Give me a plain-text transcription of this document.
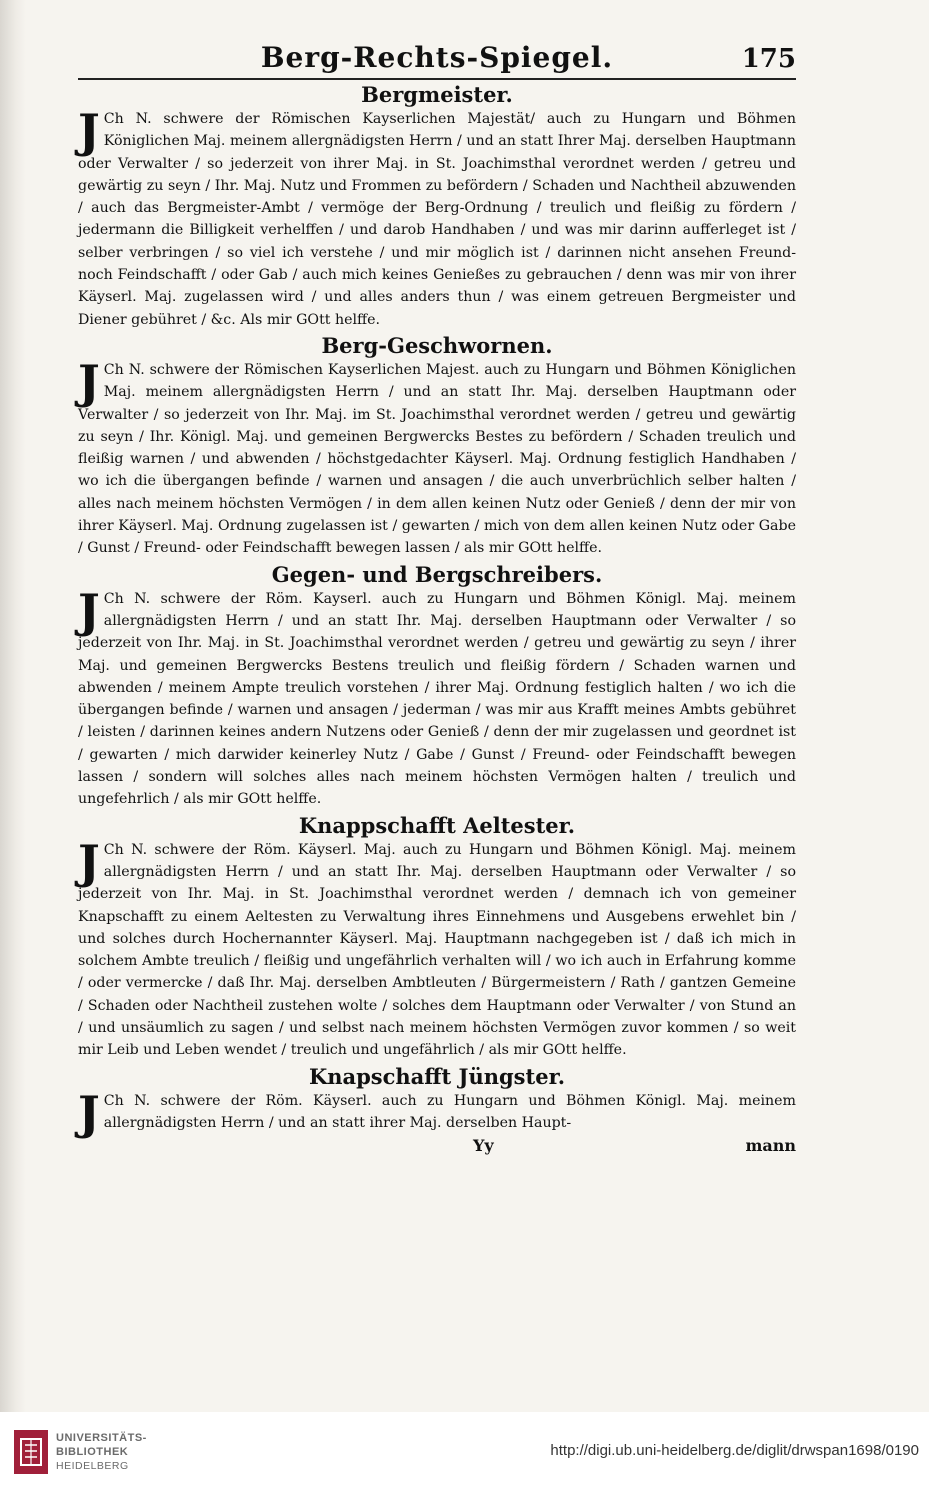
Berg-Rechts-Spiegel.	175
Bergmeister.

J Ch N. schwere der Römischen Kayserlichen Majestät/ auch zu Hungarn und Böhmen Königlichen Maj. meinem allergnädigsten Herrn / und an statt Ihrer Maj. derselben Hauptmann oder Verwalter / so jederzeit von ihrer Maj. in St. Joachimsthal verordnet werden / getreu und gewärtig zu seyn / Ihr. Maj. Nutz und Frommen zu befördern / Schaden und Nachtheil abzuwenden / auch das Bergmeister-Ambt / vermöge der Berg-Ordnung / treulich und fleißig zu fördern / jedermann die Billigkeit verhelffen / und darob Handhaben / und was mir darinn aufferleget ist / selber verbringen / so viel ich verstehe / und mir möglich ist / darinnen nicht ansehen Freund- noch Feindschafft / oder Gab / auch mich keines Genießes zu gebrauchen / denn was mir von ihrer Käyserl. Maj. zugelassen wird / und alles anders thun / was einem getreuen Bergmeister und Diener gebühret / &c. Als mir GOtt helffe.

Berg-Geschwornen.

J Ch N. schwere der Römischen Kayserlichen Majest. auch zu Hungarn und Böhmen Königlichen Maj. meinem allergnädigsten Herrn / und an statt Ihr. Maj. derselben Hauptmann oder Verwalter / so jederzeit von Ihr. Maj. im St. Joachimsthal verordnet werden / getreu und gewärtig zu seyn / Ihr. Königl. Maj. und gemeinen Bergwercks Bestes zu befördern / Schaden treulich und fleißig warnen / und abwenden / höchstgedachter Käyserl. Maj. Ordnung festiglich Handhaben / wo ich die übergangen befinde / warnen und ansagen / die auch unverbrüchlich selber halten / alles nach meinem höchsten Vermögen / in dem allen keinen Nutz oder Genieß / denn der mir von ihrer Käyserl. Maj. Ordnung zugelassen ist / gewarten / mich von dem allen keinen Nutz oder Gabe / Gunst / Freund- oder Feindschafft bewegen lassen / als mir GOtt helffe.

Gegen- und Bergschreibers.

J Ch N. schwere der Röm. Kayserl. auch zu Hungarn und Böhmen Königl. Maj. meinem allergnädigsten Herrn / und an statt Ihr. Maj. derselben Hauptmann oder Verwalter / so jederzeit von Ihr. Maj. in St. Joachimsthal verordnet werden / getreu und gewärtig zu seyn / ihrer Maj. und gemeinen Bergwercks Bestens treulich und fleißig fördern / Schaden warnen und abwenden / meinem Ampte treulich vorstehen / ihrer Maj. Ordnung festiglich halten / wo ich die übergangen befinde / warnen und ansagen / jederman / was mir aus Krafft meines Ambts gebühret / leisten / darinnen keines andern Nutzens oder Genieß / denn der mir zugelassen und geordnet ist / gewarten / mich darwider keinerley Nutz / Gabe / Gunst / Freund- oder Feindschafft bewegen lassen / sondern will solches alles nach meinem höchsten Vermögen halten / treulich und ungefehrlich / als mir GOtt helffe.

Knappschafft Aeltester.

J Ch N. schwere der Röm. Käyserl. Maj. auch zu Hungarn und Böhmen Königl. Maj. meinem allergnädigsten Herrn / und an statt Ihr. Maj. derselben Hauptmann oder Verwalter / so jederzeit von Ihr. Maj. in St. Joachimsthal verordnet werden / demnach ich von gemeiner Knapschafft zu einem Aeltesten zu Verwaltung ihres Einnehmens und Ausgebens erwehlet bin / und solches durch Hochernannter Käyserl. Maj. Hauptmann nachgegeben ist / daß ich mich in solchem Ambte treulich / fleißig und ungefährlich verhalten will / wo ich auch in Erfahrung komme / oder vermercke / daß Ihr. Maj. derselben Ambtleuten / Bürgermeistern / Rath / gantzen Gemeine / Schaden oder Nachtheil zustehen wolte / solches dem Hauptmann oder Verwalter / von Stund an / und unsäumlich zu sagen / und selbst nach meinem höchsten Vermögen zuvor kommen / so weit mir Leib und Leben wendet / treulich und ungefährlich / als mir GOtt helffe.

Knapschafft Jüngster.

J Ch N. schwere der Röm. Käyserl. auch zu Hungarn und Böhmen Königl. Maj. meinem allergnädigsten Herrn / und an statt ihrer Maj. derselben Haupt-

Yy	mann
UNIVERSITÄTS-
BIBLIOTHEK
HEIDELBERG
http://digi.ub.uni-heidelberg.de/diglit/drwspan1698/0190
